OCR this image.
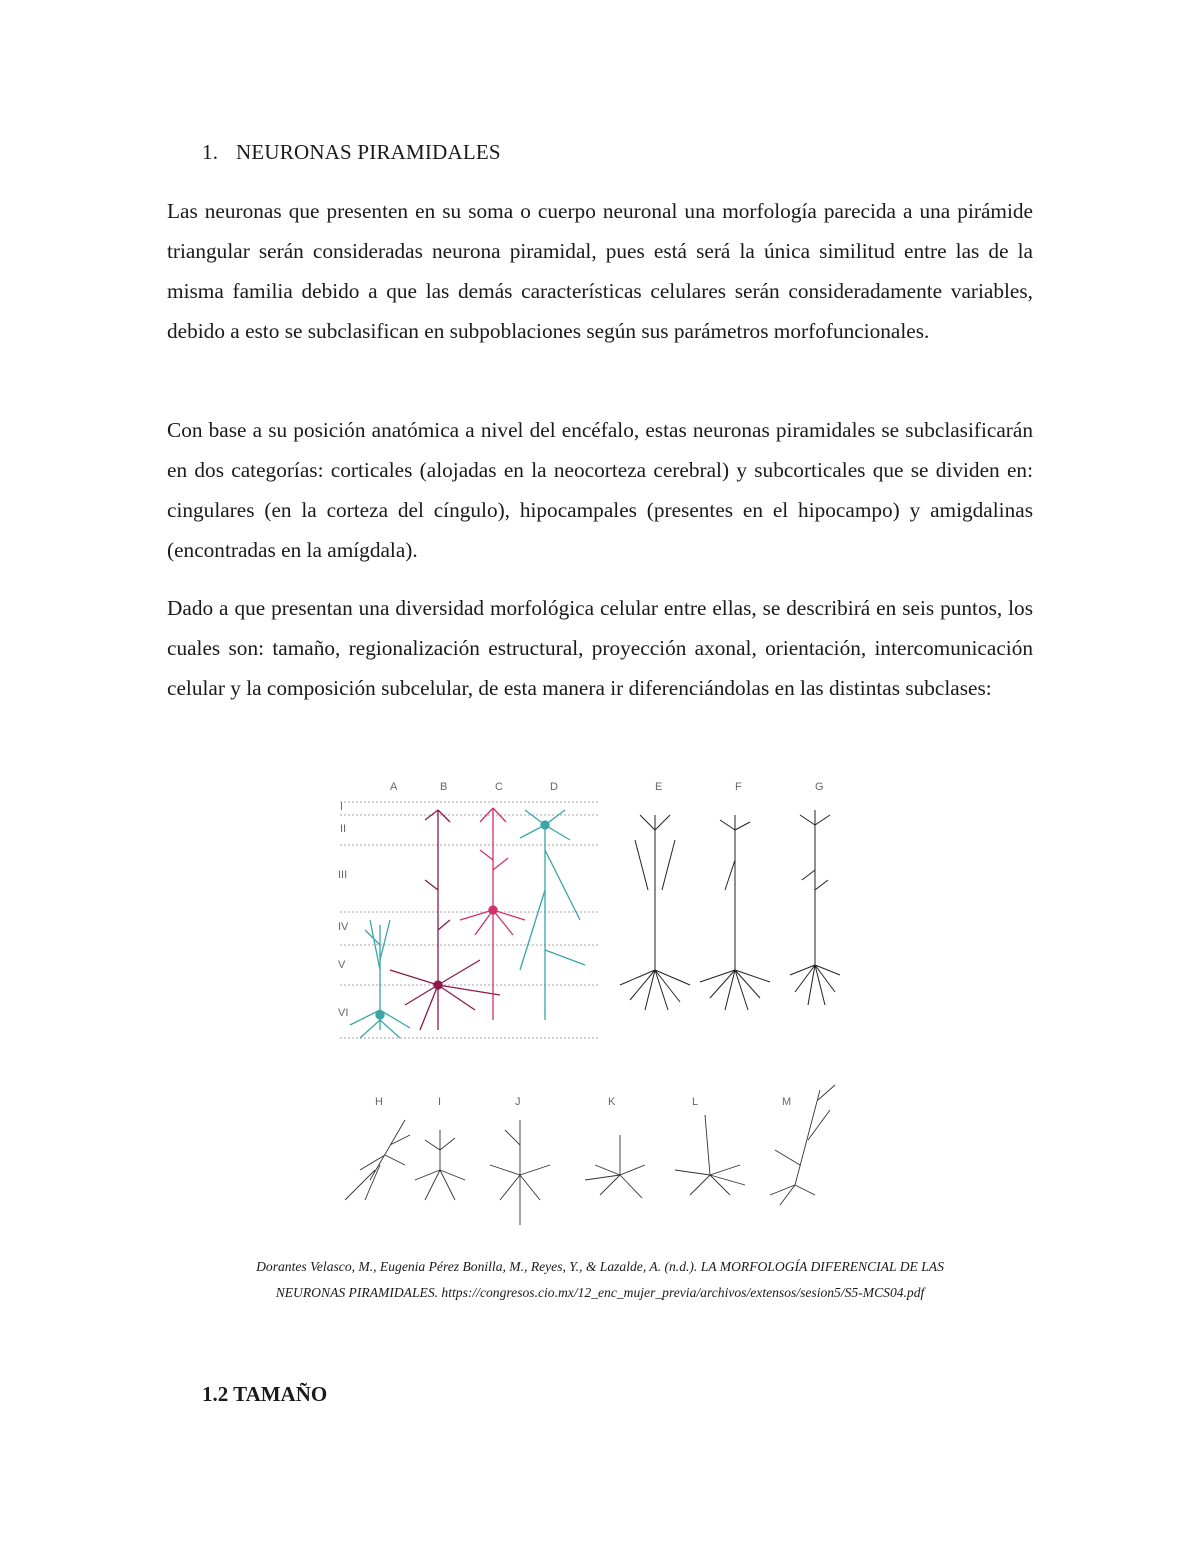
1. NEURONAS PIRAMIDALES

Las neuronas que presenten en su soma o cuerpo neuronal una morfología parecida a una pirámide triangular serán consideradas neurona piramidal, pues está será la única similitud entre las de la misma familia debido a que las demás características celulares serán consideradamente variables, debido a esto se subclasifican en subpoblaciones según sus parámetros morfofuncionales.

Con base a su posición anatómica a nivel del encéfalo, estas neuronas piramidales se subclasificarán en dos categorías: corticales (alojadas en la neocorteza cerebral) y subcorticales que se dividen en: cingulares (en la corteza del cíngulo), hipocampales (presentes en el hipocampo) y amigdalinas (encontradas en la amígdala).

Dado a que presentan una diversidad morfológica celular entre ellas, se describirá en seis puntos, los cuales son: tamaño, regionalización estructural, proyección axonal, orientación, intercomunicación celular y la composición subcelular, de esta manera ir diferenciándolas en las distintas subclases:

A	B	C	D	E	F	G
I
II
III
IV
V
VI
H	I	J	K	L	M
Dorantes Velasco, M., Eugenia Pérez Bonilla, M., Reyes, Y., & Lazalde, A. (n.d.). LA MORFOLOGÍA DIFERENCIAL DE LAS
NEURONAS PIRAMIDALES. https://congresos.cio.mx/12_enc_mujer_previa/archivos/extensos/sesion5/S5-MCS04.pdf
1.2 TAMAÑO
